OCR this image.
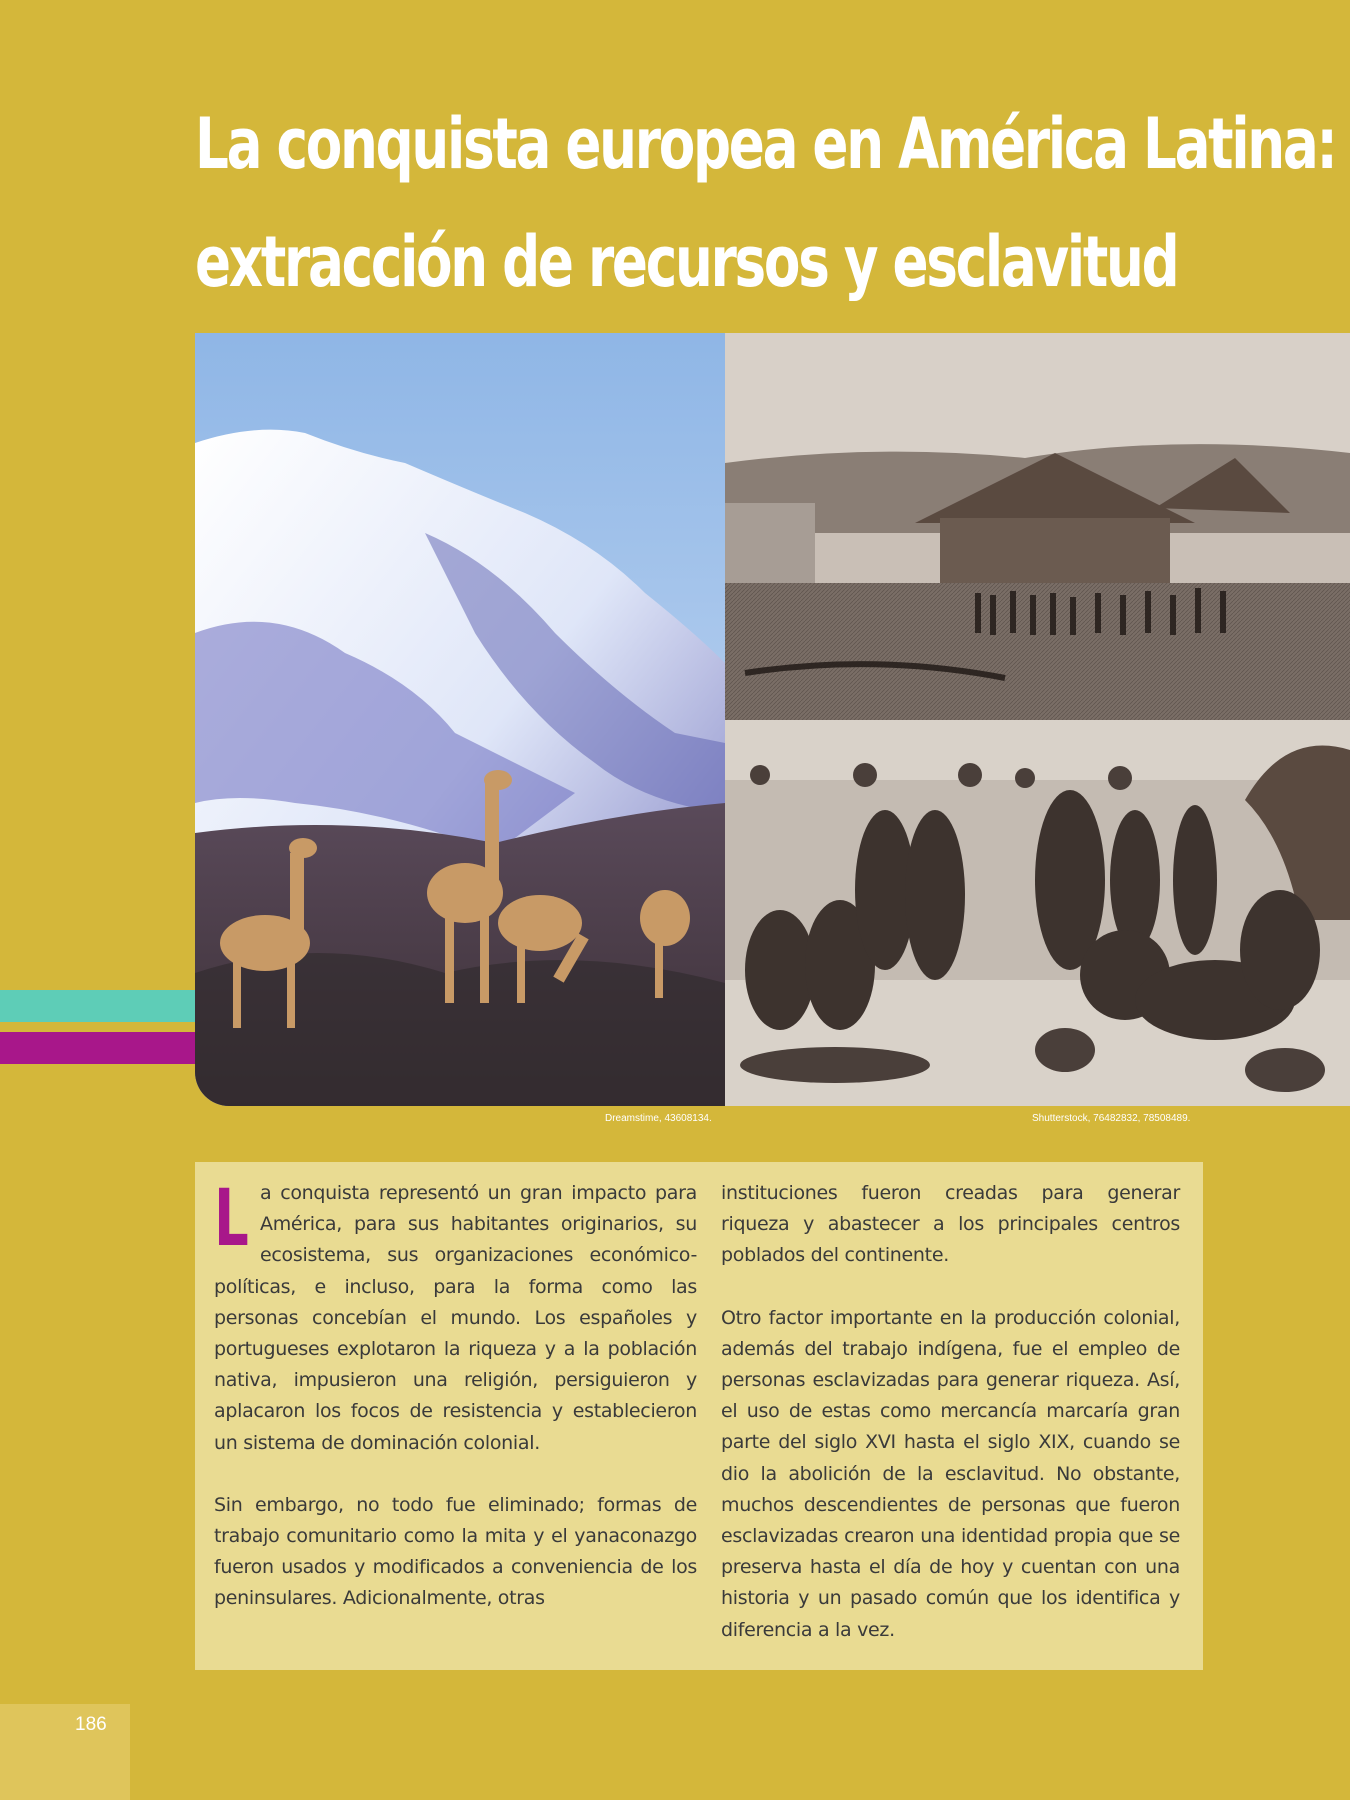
La conquista europea en América Latina:
extracción de recursos y esclavitud
Dreamstime, 43608134.	Shutterstock, 76482832, 78508489.

La conquista representó un gran impacto para América, para sus habitantes originarios, su ecosistema, sus organizaciones económico-políticas, e incluso, para la forma como las personas concebían el mundo. Los españoles y portugueses explotaron la riqueza y a la población nativa, impusieron una religión, persiguieron y aplacaron los focos de resistencia y establecieron un sistema de dominación colonial.

Sin embargo, no todo fue eliminado; formas de trabajo comunitario como la mita y el yanaconazgo fueron usados y modificados a conveniencia de los peninsulares. Adicionalmente, otras

instituciones fueron creadas para generar riqueza y abastecer a los principales centros poblados del continente.

Otro factor importante en la producción colonial, además del trabajo indígena, fue el empleo de personas esclavizadas para generar riqueza. Así, el uso de estas como mercancía marcaría gran parte del siglo XVI hasta el siglo XIX, cuando se dio la abolición de la esclavitud. No obstante, muchos descendientes de personas que fueron esclavizadas crearon una identidad propia que se preserva hasta el día de hoy y cuentan con una historia y un pasado común que los identifica y diferencia a la vez.

186
